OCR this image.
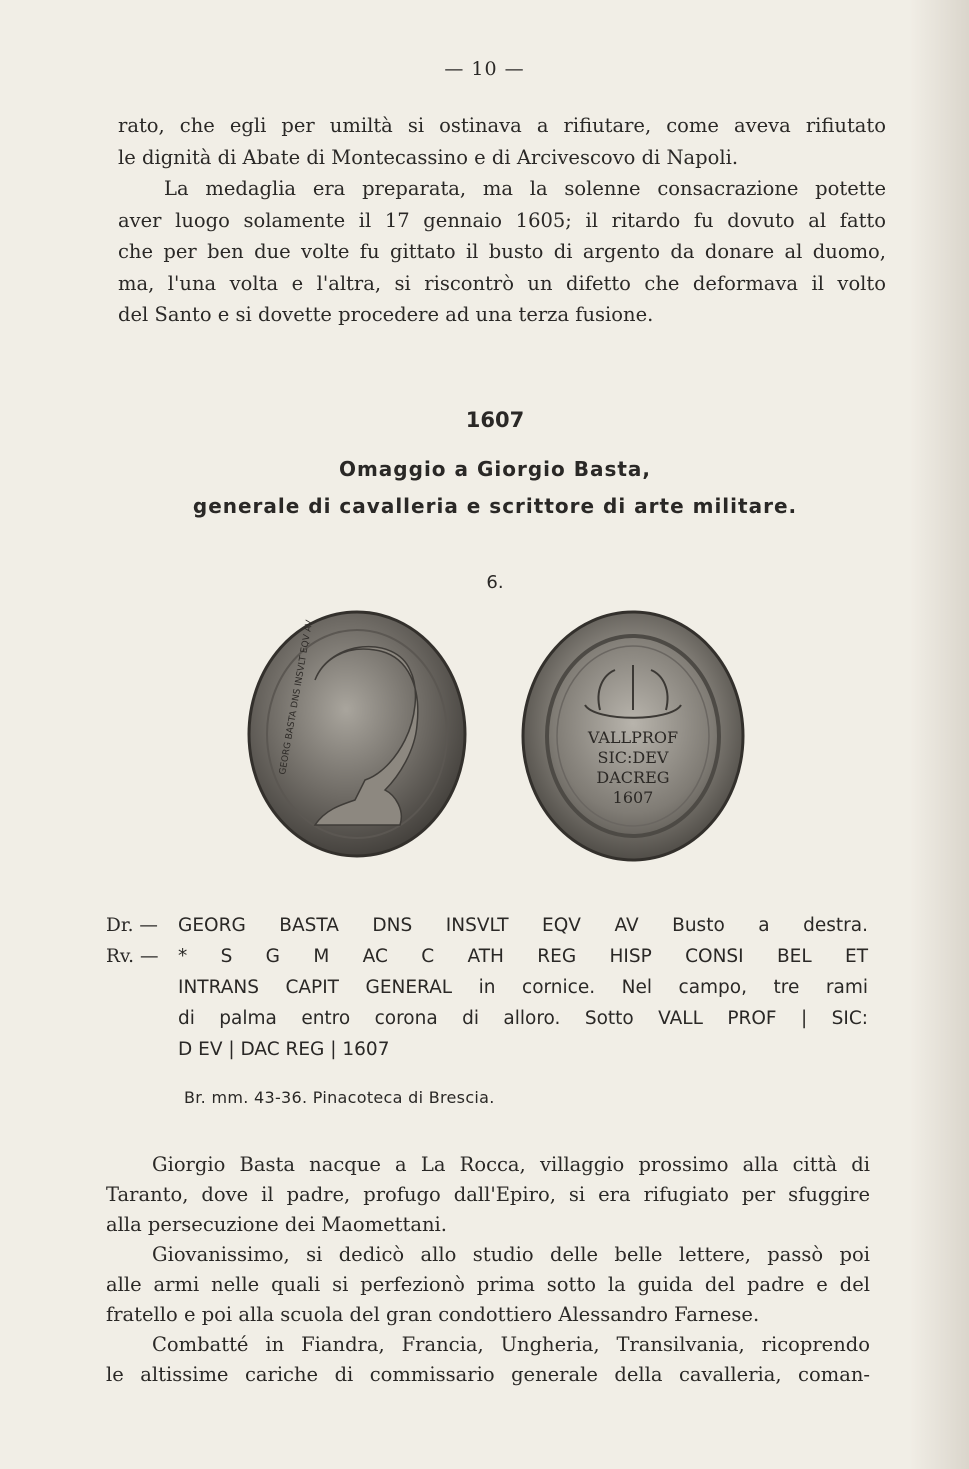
— 10 —
rato, che egli per umiltà si ostinava a rifiutare, come aveva rifiutato
le dignità di Abate di Montecassino e di Arcivescovo di Napoli.
La medaglia era preparata, ma la solenne consacrazione potette
aver luogo solamente il 17 gennaio 1605; il ritardo fu dovuto al fatto
che per ben due volte fu gittato il busto di argento da donare al duomo,
ma, l'una volta e l'altra, si riscontrò un difetto che deformava il volto
del Santo e si dovette procedere ad una terza fusione.
1607
Omaggio a Giorgio Basta,
generale di cavalleria e scrittore di arte militare.
6.
GEORG BASTA DNS INSVLT EQV AV	VALLPROF
SIC:DEV
DACREG
1607
Dr. —	GEORG BASTA DNS INSVLT EQV AV Busto a destra.
Rv. —	* S G M AC C ATH REG HISP CONSI BEL ET
INTRANS CAPIT GENERAL in cornice. Nel campo, tre rami
di palma entro corona di alloro. Sotto VALL PROF | SIC:
D EV | DAC REG | 1607
Br. mm. 43-36. Pinacoteca di Brescia.
Giorgio Basta nacque a La Rocca, villaggio prossimo alla città di
Taranto, dove il padre, profugo dall'Epiro, si era rifugiato per sfuggire
alla persecuzione dei Maomettani.
Giovanissimo, si dedicò allo studio delle belle lettere, passò poi
alle armi nelle quali si perfezionò prima sotto la guida del padre e del
fratello e poi alla scuola del gran condottiero Alessandro Farnese.
Combatté in Fiandra, Francia, Ungheria, Transilvania, ricoprendo
le altissime cariche di commissario generale della cavalleria, coman-
